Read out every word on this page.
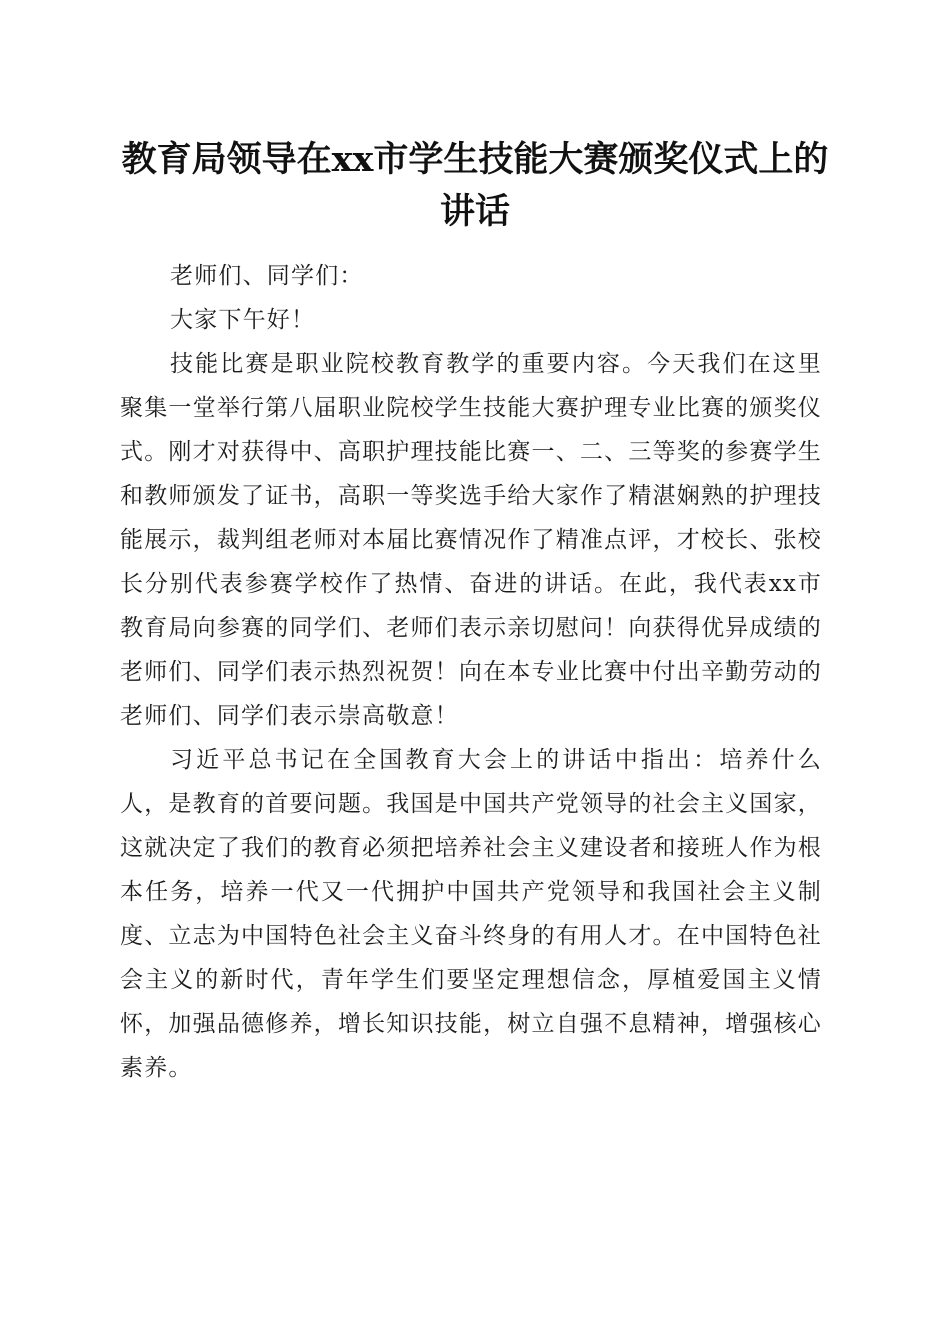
教育局领导在xx市学生技能大赛颁奖仪式上的讲话

老师们、同学们：

大家下午好！

技能比赛是职业院校教育教学的重要内容。今天我们在这里聚集一堂举行第八届职业院校学生技能大赛护理专业比赛的颁奖仪式。刚才对获得中、高职护理技能比赛一、二、三等奖的参赛学生和教师颁发了证书，高职一等奖选手给大家作了精湛娴熟的护理技能展示，裁判组老师对本届比赛情况作了精准点评，才校长、张校长分别代表参赛学校作了热情、奋进的讲话。在此，我代表xx市教育局向参赛的同学们、老师们表示亲切慰问！向获得优异成绩的老师们、同学们表示热烈祝贺！向在本专业比赛中付出辛勤劳动的老师们、同学们表示崇高敬意！

习近平总书记在全国教育大会上的讲话中指出：培养什么人，是教育的首要问题。我国是中国共产党领导的社会主义国家，这就决定了我们的教育必须把培养社会主义建设者和接班人作为根本任务，培养一代又一代拥护中国共产党领导和我国社会主义制度、立志为中国特色社会主义奋斗终身的有用人才。在中国特色社会主义的新时代，青年学生们要坚定理想信念，厚植爱国主义情怀，加强品德修养，增长知识技能，树立自强不息精神，增强核心素养。
